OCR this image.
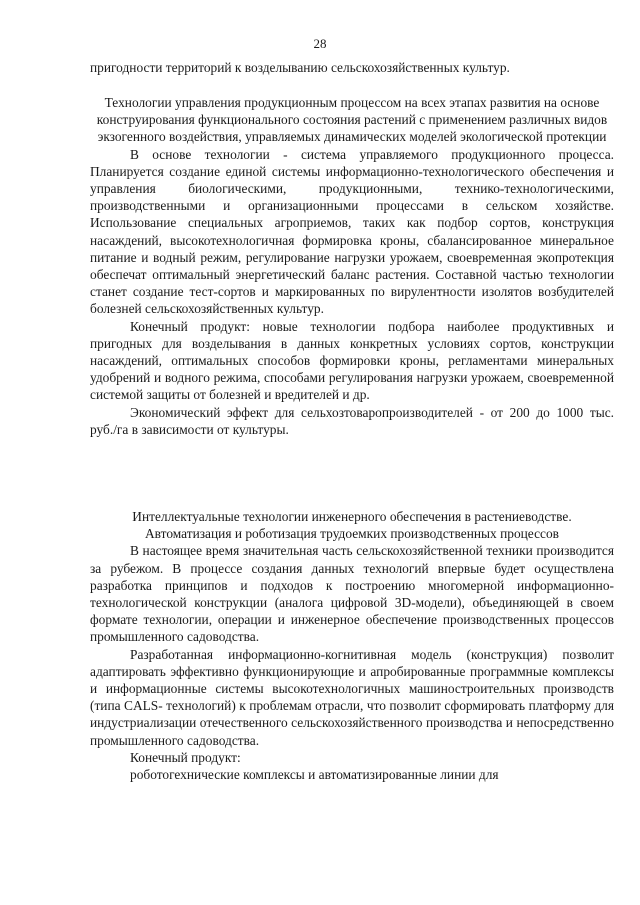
28

пригодности территорий к возделыванию сельскохозяйственных культур.

Технологии управления продукционным процессом на всех этапах развития на основе конструирования функционального состояния растений с применением различных видов экзогенного воздействия, управляемых динамических моделей экологической протекции

В основе технологии - система управляемого продукционного процесса. Планируется создание единой системы информационно-технологического обеспечения и управления биологическими, продукционными, технико-технологическими, производственными и организационными процессами в сельском хозяйстве. Использование специальных агроприемов, таких как подбор сортов, конструкция насаждений, высокотехнологичная формировка кроны, сбалансированное минеральное питание и водный режим, регулирование нагрузки урожаем, своевременная экопротекция обеспечат оптимальный энергетический баланс растения. Составной частью технологии станет создание тест-сортов и маркированных по вирулентности изолятов возбудителей болезней сельскохозяйственных культур.

Конечный продукт: новые технологии подбора наиболее продуктивных и пригодных для возделывания в данных конкретных условиях сортов, конструкции насаждений, оптимальных способов формировки кроны, регламентами минеральных удобрений и водного режима, способами регулирования нагрузки урожаем, своевременной системой защиты от болезней и вредителей и др.

Экономический эффект для сельхозтоваропроизводителей - от 200 до 1000 тыс. руб./га в зависимости от культуры.

Интеллектуальные технологии инженерного обеспечения в растениеводстве. Автоматизация и роботизация трудоемких производственных процессов

В настоящее время значительная часть сельскохозяйственной техники производится за рубежом. В процессе создания данных технологий впервые будет осуществлена разработка принципов и подходов к построению многомерной информационно-технологической конструкции (аналога цифровой 3D-модели), объединяющей в своем формате технологии, операции и инженерное обеспечение производственных процессов промышленного садоводства.

Разработанная информационно-когнитивная модель (конструкция) позволит адаптировать эффективно функционирующие и апробированные программные комплексы и информационные системы высокотехнологичных машиностроительных производств (типа CALS- технологий) к проблемам отрасли, что позволит сформировать платформу для индустриализации отечественного сельскохозяйственного производства и непосредственно промышленного садоводства.

Конечный продукт:

роботогехнические комплексы и автоматизированные линии для
